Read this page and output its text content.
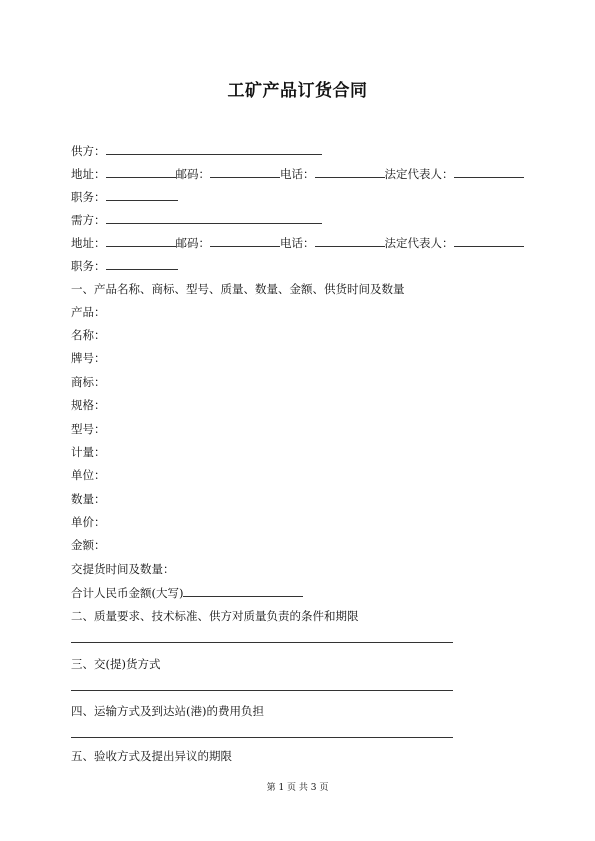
工矿产品订货合同
供方：
地址：	邮码：	电话：	法定代表人：
职务：
需方：
地址：	邮码：	电话：	法定代表人：
职务：
一、产品名称、商标、型号、质量、数量、金额、供货时间及数量
产品：
名称：
牌号：
商标：
规格：
型号：
计量：
单位：
数量：
单价：
金额：
交提货时间及数量：
合计人民币金额(大写)
二、质量要求、技术标准、供方对质量负责的条件和期限
三、交(提)货方式
四、运输方式及到达站(港)的费用负担
五、验收方式及提出异议的期限
第 1 页 共 3 页
